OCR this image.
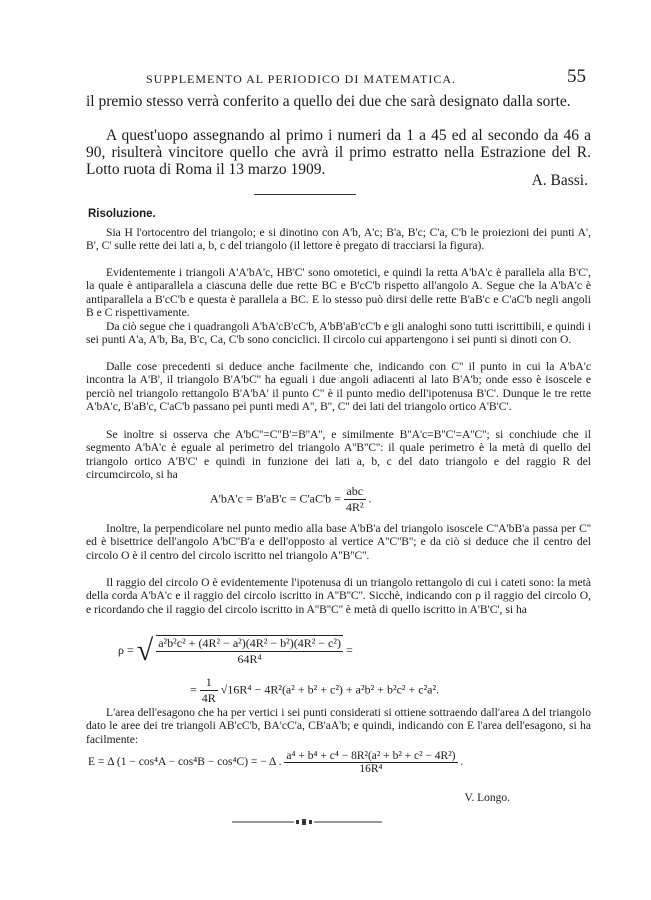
SUPPLEMENTO AL PERIODICO DI MATEMATICA.	55
il premio stesso verrà conferito a quello dei due che sarà designato dalla sorte.
A quest'uopo assegnando al primo i numeri da 1 a 45 ed al secondo da 46 a 90, risulterà vincitore quello che avrà il primo estratto nella Estrazione del R. Lotto ruota di Roma il 13 marzo 1909.
A. Bassi.
Risoluzione.
Sia H l'ortocentro del triangolo; e si dinotino con A'b, A'c; B'a, B'c; C'a, C'b le proiezioni dei punti A', B', C' sulle rette dei lati a, b, c del triangolo (il lettore è pregato di tracciarsi la figura).
Evidentemente i triangoli A'A'bA'c, HB'C' sono omotetici, e quindi la retta A'bA'c è parallela alla B'C', la quale è antiparallela a ciascuna delle due rette BC e B'cC'b rispetto all'angolo A. Segue che la A'bA'c è antiparallela a B'cC'b e questa è parallela a BC. E lo stesso può dirsi delle rette B'aB'c e C'aC'b negli angoli B e C rispettivamente.
Da ciò segue che i quadrangoli A'bA'cB'cC'b, A'bB'aB'cC'b e gli analoghi sono tutti iscrittibili, e quindi i sei punti A'a, A'b, Ba, B'c, Ca, C'b sono conciclici. Il circolo cui appartengono i sei punti si dinoti con O.
Dalle cose precedenti si deduce anche facilmente che, indicando con C'' il punto in cui la A'bA'c incontra la A'B', il triangolo B'A'bC'' ha eguali i due angoli adiacenti al lato B'A'b; onde esso è isoscele e perciò nel triangolo rettangolo B'A'bA' il punto C'' è il punto medio dell'ipotenusa B'C'. Dunque le tre rette A'bA'c, B'aB'c, C'aC'b passano pei punti medi A'', B'', C'' dei lati del triangolo ortico A'B'C'.
Se inoltre si osserva che A'bC''=C''B'=B''A'', e similmente B''A'c=B''C'=A''C''; si conchiude che il segmento A'bA'c è eguale al perimetro del triangolo A''B''C'': il quale perimetro è la metà di quello del triangolo ortico A'B'C' e quindi in funzione dei lati a, b, c del dato triangolo e del raggio R del circumcircolo, si ha
$A'bA'c = B'aB'c = C'aC'b = \frac{\text{abc}}{\text{4R²}}$ .
Inoltre, la perpendicolare nel punto medio alla base A'bB'a del triangolo isoscele C''A'bB'a passa per C'' ed è bisettrice dell'angolo A'bC''B'a e dell'opposto al vertice A''C''B''; e da ciò si deduce che il centro del circolo O è il centro del circolo iscritto nel triangolo A''B''C''.
Il raggio del circolo O è evidentemente l'ipotenusa di un triangolo rettangolo di cui i cateti sono: la metà della corda A'bA'c e il raggio del circolo iscritto in A''B''C''. Sicchè, indicando con ρ il raggio del circolo O, e ricordando che il raggio del circolo iscritto in A''B''C'' è metà di quello iscritto in A'B'C', si ha
ρ = √ $\frac{\text{a²b²c² + (4R² − a²)(4R² − b²)(4R² − c²)}}{\text{64R⁴}}$ =
= $\frac{1}{4R} √16R^4 - 4R^2(a^2 + b^2 + c^2) + a^2b^2 + b^2c^2 + c^2a^2$.
L'area dell'esagono che ha per vertici i sei punti considerati si ottiene sottraendo dall'area Δ del triangolo dato le aree dei tre triangoli AB'cC'b, BA'cC'a, CB'aA'b; e quindi, indicando con E l'area dell'esagono, si ha facilmente:
E = Δ (1 − cos⁴A − cos⁴B − cos⁴C) = − Δ . $\frac{\text{a⁴ + b⁴ + c⁴ − 8R²(a² + b² + c² − 4R²)}}{\text{16R⁴}}$ .
V. Longo.
